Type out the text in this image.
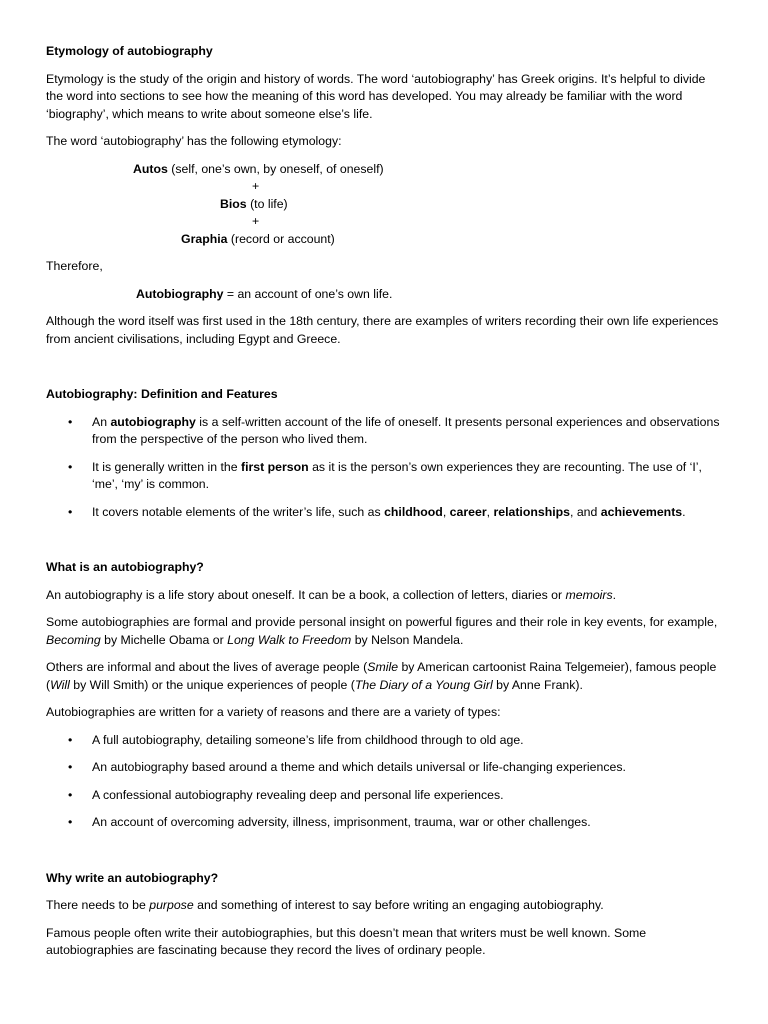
Etymology of autobiography

Etymology is the study of the origin and history of words. The word ‘autobiography’ has Greek origins. It’s helpful to divide the word into sections to see how the meaning of this word has developed. You may already be familiar with the word ‘biography’, which means to write about someone else’s life.

The word ‘autobiography’ has the following etymology:

Autos (self, one’s own, by oneself, of oneself)
+
Bios (to life)
+
Graphia (record or account)

Therefore,

Autobiography = an account of one’s own life.

Although the word itself was first used in the 18th century, there are examples of writers recording their own life experiences from ancient civilisations, including Egypt and Greece.

Autobiography: Definition and Features
• An autobiography is a self-written account of the life of oneself. It presents personal experiences and observations from the perspective of the person who lived them.
• It is generally written in the first person as it is the person’s own experiences they are recounting. The use of ‘I’, ‘me’, ‘my’ is common.
• It covers notable elements of the writer’s life, such as childhood, career, relationships, and achievements.
What is an autobiography?

An autobiography is a life story about oneself. It can be a book, a collection of letters, diaries or memoirs.

Some autobiographies are formal and provide personal insight on powerful figures and their role in key events, for example, Becoming by Michelle Obama or Long Walk to Freedom by Nelson Mandela.

Others are informal and about the lives of average people (Smile by American cartoonist Raina Telgemeier), famous people (Will by Will Smith) or the unique experiences of people (The Diary of a Young Girl by Anne Frank).

Autobiographies are written for a variety of reasons and there are a variety of types:

• A full autobiography, detailing someone’s life from childhood through to old age.
• An autobiography based around a theme and which details universal or life-changing experiences.
• A confessional autobiography revealing deep and personal life experiences.
• An account of overcoming adversity, illness, imprisonment, trauma, war or other challenges.
Why write an autobiography?

There needs to be purpose and something of interest to say before writing an engaging autobiography.

Famous people often write their autobiographies, but this doesn’t mean that writers must be well known. Some autobiographies are fascinating because they record the lives of ordinary people.
